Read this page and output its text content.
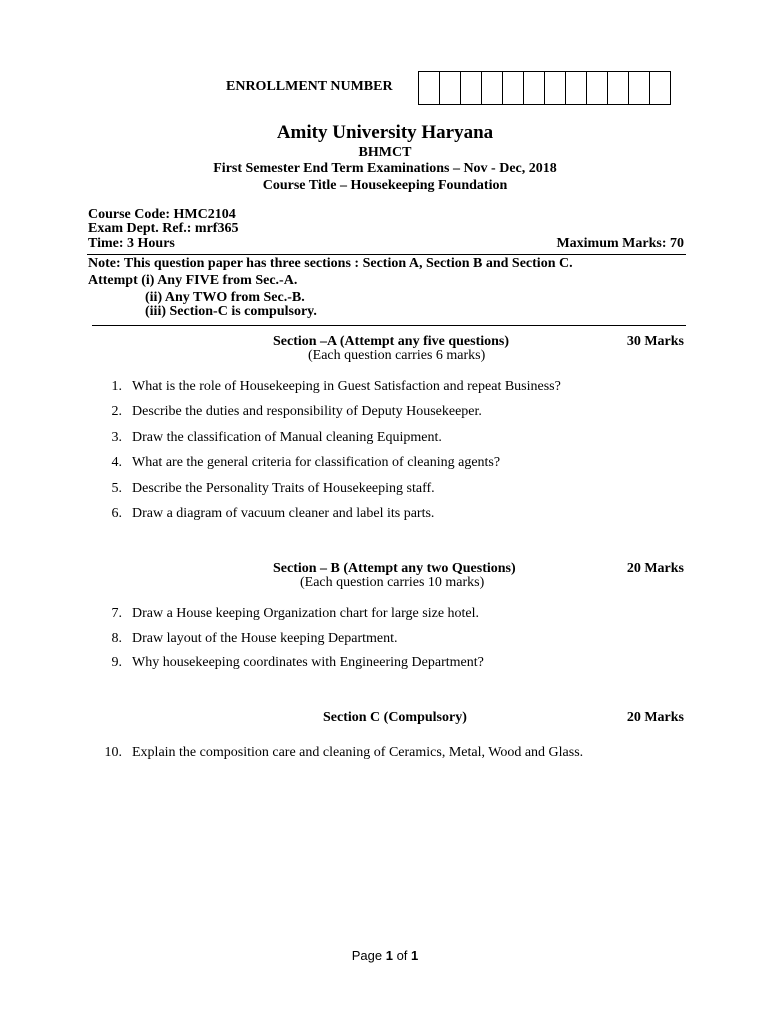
ENROLLMENT NUMBER
Amity University Haryana
BHMCT
First Semester End Term Examinations – Nov - Dec, 2018
Course Title – Housekeeping Foundation
Course Code: HMC2104
Exam Dept. Ref.: mrf365
Time: 3 Hours	Maximum Marks: 70
Note: This question paper has three sections : Section A, Section B and Section C.
Attempt (i) Any FIVE from Sec.-A.
(ii) Any TWO from Sec.-B.
(iii) Section-C is compulsory.
Section –A (Attempt any five questions)	30 Marks
(Each question carries 6 marks)
1. What is the role of Housekeeping in Guest Satisfaction and repeat Business?
2. Describe the duties and responsibility of Deputy Housekeeper.
3. Draw the classification of Manual cleaning Equipment.
4. What are the general criteria for classification of cleaning agents?
5. Describe the Personality Traits of Housekeeping staff.
6. Draw a diagram of vacuum cleaner and label its parts.
Section – B (Attempt any two Questions)	20 Marks
(Each question carries 10 marks)
7. Draw a House keeping Organization chart for large size hotel.
8. Draw layout of the House keeping Department.
9. Why housekeeping coordinates with Engineering Department?
Section C (Compulsory)	20 Marks
10. Explain the composition care and cleaning of Ceramics, Metal, Wood and Glass.
Page 1 of 1
